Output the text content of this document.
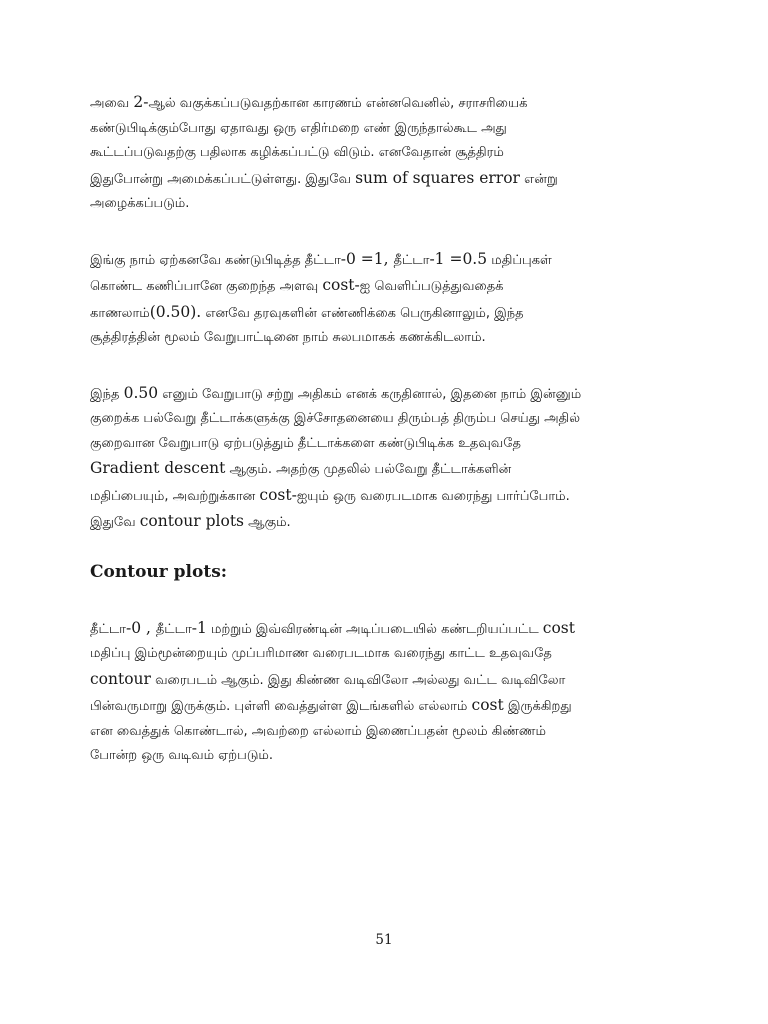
அவை 2-ஆல் வகுக்கப்படுவதற்கான காரணம் என்னவெனில், சராசரியைக்
கண்டுபிடிக்கும்போது ஏதாவது ஒரு எதிர்மறை எண் இருந்தால்கூட அது
கூட்டப்படுவதற்கு பதிலாக கழிக்கப்பட்டு விடும். எனவேதான் சூத்திரம்
இதுபோன்று அமைக்கப்பட்டுள்ளது. இதுவே sum of squares error என்று
அழைக்கப்படும்.

இங்கு நாம் ஏற்கனவே கண்டுபிடித்த தீட்டா-0 =1, தீட்டா-1 =0.5 மதிப்புகள்
கொண்ட கணிப்பானே குறைந்த அளவு cost-ஐ வெளிப்படுத்துவதைக்
காணலாம்(0.50). எனவே தரவுகளின் எண்ணிக்கை பெருகினாலும், இந்த
சூத்திரத்தின் மூலம் வேறுபாட்டினை நாம் சுலபமாகக் கணக்கிடலாம்.

இந்த 0.50 எனும் வேறுபாடு சற்று அதிகம் எனக் கருதினால், இதனை நாம் இன்னும்
குறைக்க பல்வேறு தீட்டாக்களுக்கு இச்சோதனையை திரும்பத் திரும்ப செய்து அதில்
குறைவான வேறுபாடு ஏற்படுத்தும் தீட்டாக்களை கண்டுபிடிக்க உதவுவதே
Gradient descent ஆகும். அதற்கு முதலில் பல்வேறு தீட்டாக்களின்
மதிப்பையும், அவற்றுக்கான cost-ஐயும் ஒரு வரைபடமாக வரைந்து பார்ப்போம்.
இதுவே contour plots ஆகும்.

Contour plots:

தீட்டா-0 , தீட்டா-1 மற்றும் இவ்விரண்டின் அடிப்படையில் கண்டறியப்பட்ட cost
மதிப்பு இம்மூன்றையும் முப்பரிமாண வரைபடமாக வரைந்து காட்ட உதவுவதே
contour வரைபடம் ஆகும். இது கிண்ண வடிவிலோ அல்லது வட்ட வடிவிலோ
பின்வருமாறு இருக்கும். புள்ளி வைத்துள்ள இடங்களில் எல்லாம் cost இருக்கிறது
என வைத்துக் கொண்டால், அவற்றை எல்லாம் இணைப்பதன் மூலம் கிண்ணம்
போன்ற ஒரு வடிவம் ஏற்படும்.

51
